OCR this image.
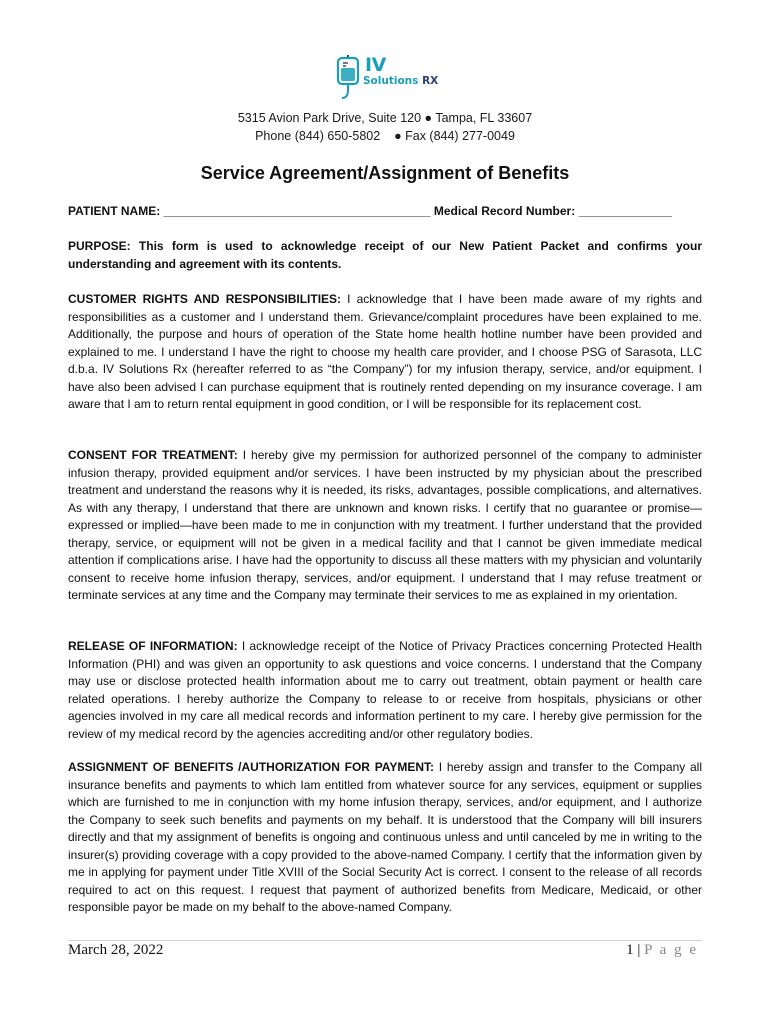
IV
Solutions RX
5315 Avion Park Drive, Suite 120 ● Tampa, FL 33607
Phone (844) 650-5802    ● Fax (844) 277-0049
Service Agreement/Assignment of Benefits
PATIENT NAME: ________________________________________ Medical Record Number: ______________
PURPOSE: This form is used to acknowledge receipt of our New Patient Packet and confirms your understanding and agreement with its contents.
CUSTOMER RIGHTS AND RESPONSIBILITIES: I acknowledge that I have been made aware of my rights and responsibilities as a customer and I understand them. Grievance/complaint procedures have been explained to me. Additionally, the purpose and hours of operation of the State home health hotline number have been provided and explained to me. I understand I have the right to choose my health care provider, and I choose PSG of Sarasota, LLC d.b.a. IV Solutions Rx (hereafter referred to as “the Company”) for my infusion therapy, service, and/or equipment. I have also been advised I can purchase equipment that is routinely rented depending on my insurance coverage. I am aware that I am to return rental equipment in good condition, or I will be responsible for its replacement cost.
CONSENT FOR TREATMENT: I hereby give my permission for authorized personnel of the company to administer infusion therapy, provided equipment and/or services. I have been instructed by my physician about the prescribed treatment and understand the reasons why it is needed, its risks, advantages, possible complications, and alternatives. As with any therapy, I understand that there are unknown and known risks. I certify that no guarantee or promise—expressed or implied—have been made to me in conjunction with my treatment. I further understand that the provided therapy, service, or equipment will not be given in a medical facility and that I cannot be given immediate medical attention if complications arise. I have had the opportunity to discuss all these matters with my physician and voluntarily consent to receive home infusion therapy, services, and/or equipment. I understand that I may refuse treatment or terminate services at any time and the Company may terminate their services to me as explained in my orientation.
RELEASE OF INFORMATION: I acknowledge receipt of the Notice of Privacy Practices concerning Protected Health Information (PHI) and was given an opportunity to ask questions and voice concerns. I understand that the Company may use or disclose protected health information about me to carry out treatment, obtain payment or health care related operations. I hereby authorize the Company to release to or receive from hospitals, physicians or other agencies involved in my care all medical records and information pertinent to my care. I hereby give permission for the review of my medical record by the agencies accrediting and/or other regulatory bodies.
ASSIGNMENT OF BENEFITS /AUTHORIZATION FOR PAYMENT: I hereby assign and transfer to the Company all insurance benefits and payments to which Iam entitled from whatever source for any services, equipment or supplies which are furnished to me in conjunction with my home infusion therapy, services, and/or equipment, and I authorize the Company to seek such benefits and payments on my behalf. It is understood that the Company will bill insurers directly and that my assignment of benefits is ongoing and continuous unless and until canceled by me in writing to the insurer(s) providing coverage with a copy provided to the above-named Company. I certify that the information given by me in applying for payment under Title XVIII of the Social Security Act is correct. I consent to the release of all records required to act on this request. I request that payment of authorized benefits from Medicare, Medicaid, or other responsible payor be made on my behalf to the above-named Company.
March 28, 2022	1 | P a g e
